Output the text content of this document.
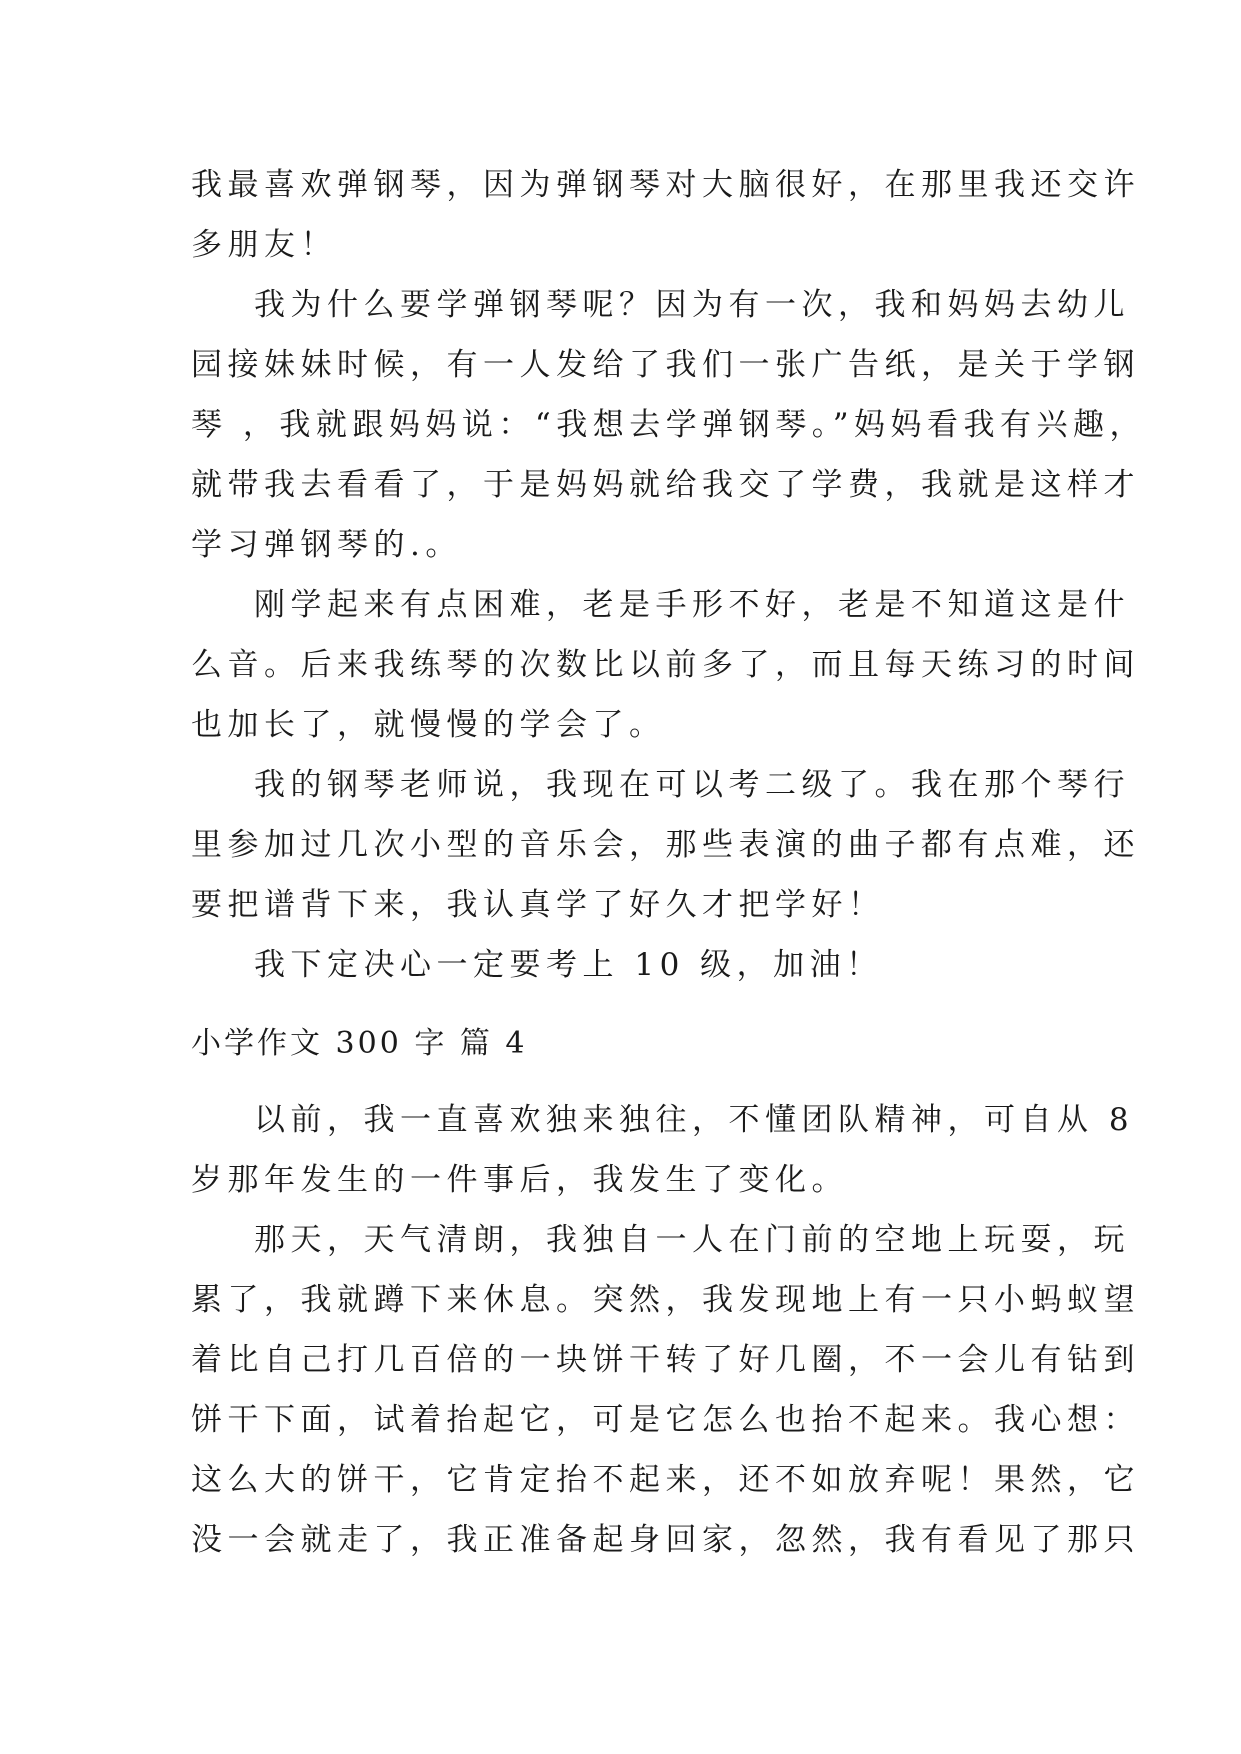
我最喜欢弹钢琴，因为弹钢琴对大脑很好，在那里我还交许
多朋友！
我为什么要学弹钢琴呢？因为有一次，我和妈妈去幼儿
园接妹妹时候，有一人发给了我们一张广告纸，是关于学钢
琴 ，我就跟妈妈说：“我想去学弹钢琴。”妈妈看我有兴趣，
就带我去看看了，于是妈妈就给我交了学费，我就是这样才
学习弹钢琴的.。
刚学起来有点困难，老是手形不好，老是不知道这是什
么音。后来我练琴的次数比以前多了，而且每天练习的时间
也加长了，就慢慢的学会了。
我的钢琴老师说，我现在可以考二级了。我在那个琴行
里参加过几次小型的音乐会，那些表演的曲子都有点难，还
要把谱背下来，我认真学了好久才把学好！
我下定决心一定要考上 10 级，加油！
小学作文 300 字 篇 4
以前，我一直喜欢独来独往，不懂团队精神，可自从 8
岁那年发生的一件事后，我发生了变化。
那天，天气清朗，我独自一人在门前的空地上玩耍，玩
累了，我就蹲下来休息。突然，我发现地上有一只小蚂蚁望
着比自己打几百倍的一块饼干转了好几圈，不一会儿有钻到
饼干下面，试着抬起它，可是它怎么也抬不起来。我心想：
这么大的饼干，它肯定抬不起来，还不如放弃呢！果然，它
没一会就走了，我正准备起身回家，忽然，我有看见了那只
